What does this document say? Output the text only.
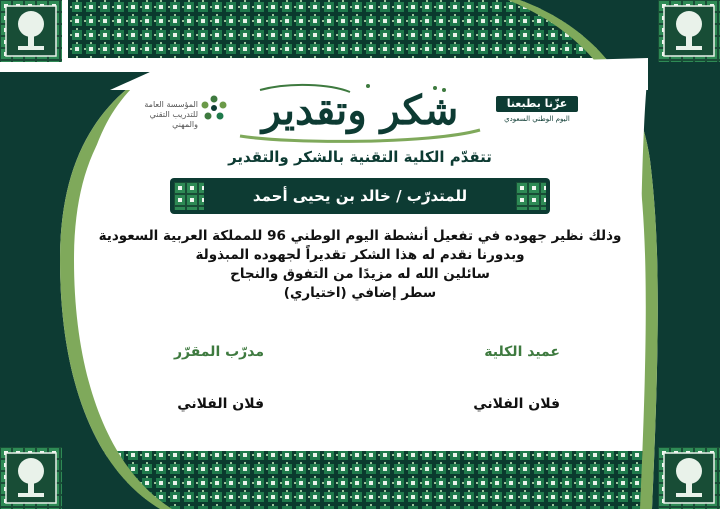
المؤسسة العامة
للتدريب التقني والمهني
عزّنا بطبعنا
اليوم الوطني السعودي
شكر وتقدير
تتقدّم الكلية التقنية بالشكر والتقدير
للمتدرّب / خالد بن يحيى أحمد
وذلك نظير جهوده في تفعيل أنشطة اليوم الوطني 96 للمملكة العربية السعودية
وبدورنا نقدم له هذا الشكر تقديراً لجهوده المبذولة
سائلين الله له مزيدًا من التفوق والنجاح
سطر إضافي (اختياري)
عميد الكلية
فلان الفلاني
مدرّب المقرّر
فلان الفلاني
